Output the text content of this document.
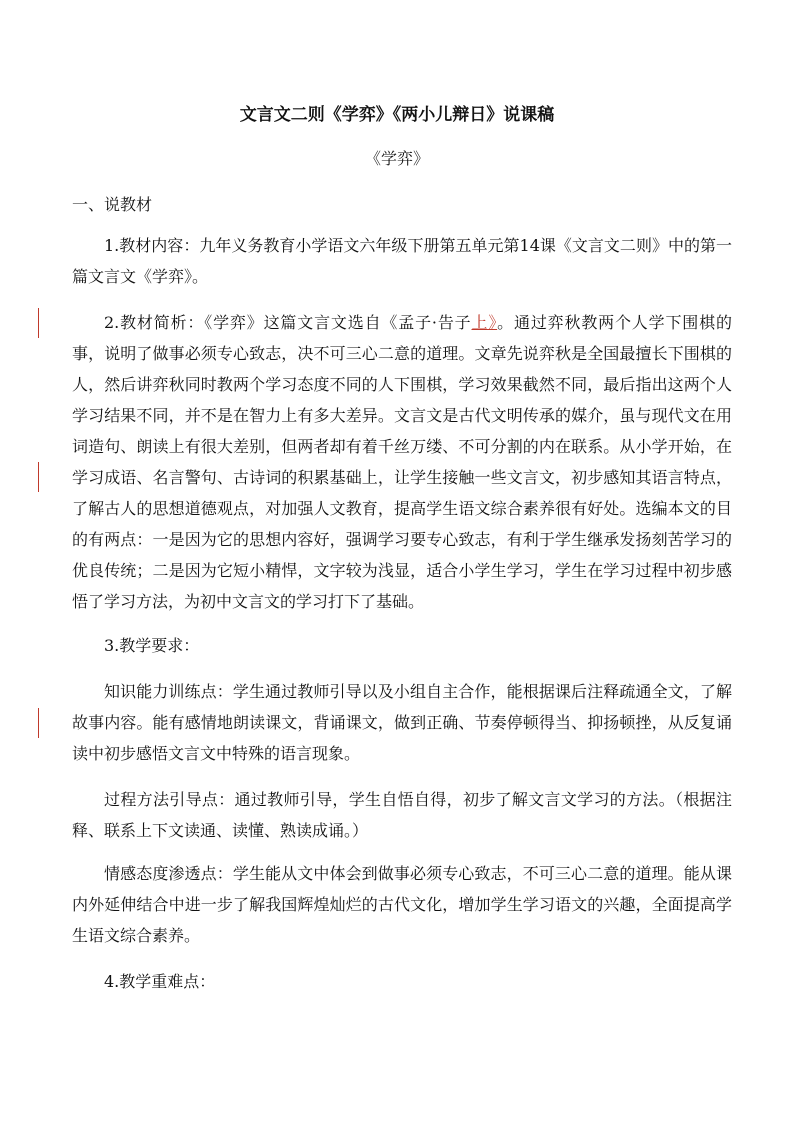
文言文二则《学弈》《两小儿辩日》说课稿
《学弈》
一、说教材
1.教材内容：九年义务教育小学语文六年级下册第五单元第14课《文言文二则》中的第一篇文言文《学弈》。
2.教材简析：《学弈》这篇文言文选自《孟子·告子上》。通过弈秋教两个人学下围棋的事，说明了做事必须专心致志，决不可三心二意的道理。文章先说弈秋是全国最擅长下围棋的人，然后讲弈秋同时教两个学习态度不同的人下围棋，学习效果截然不同，最后指出这两个人学习结果不同，并不是在智力上有多大差异。文言文是古代文明传承的媒介，虽与现代文在用词造句、朗读上有很大差别，但两者却有着千丝万缕、不可分割的内在联系。从小学开始，在学习成语、名言警句、古诗词的积累基础上，让学生接触一些文言文，初步感知其语言特点，了解古人的思想道德观点，对加强人文教育，提高学生语文综合素养很有好处。选编本文的目的有两点：一是因为它的思想内容好，强调学习要专心致志，有利于学生继承发扬刻苦学习的优良传统；二是因为它短小精悍，文字较为浅显，适合小学生学习，学生在学习过程中初步感悟了学习方法，为初中文言文的学习打下了基础。
3.教学要求：
知识能力训练点：学生通过教师引导以及小组自主合作，能根据课后注释疏通全文，了解故事内容。能有感情地朗读课文，背诵课文，做到正确、节奏停顿得当、抑扬顿挫，从反复诵读中初步感悟文言文中特殊的语言现象。
过程方法引导点：通过教师引导，学生自悟自得，初步了解文言文学习的方法。（根据注释、联系上下文读通、读懂、熟读成诵。）
情感态度渗透点：学生能从文中体会到做事必须专心致志，不可三心二意的道理。能从课内外延伸结合中进一步了解我国辉煌灿烂的古代文化，增加学生学习语文的兴趣，全面提高学生语文综合素养。
4.教学重难点：
